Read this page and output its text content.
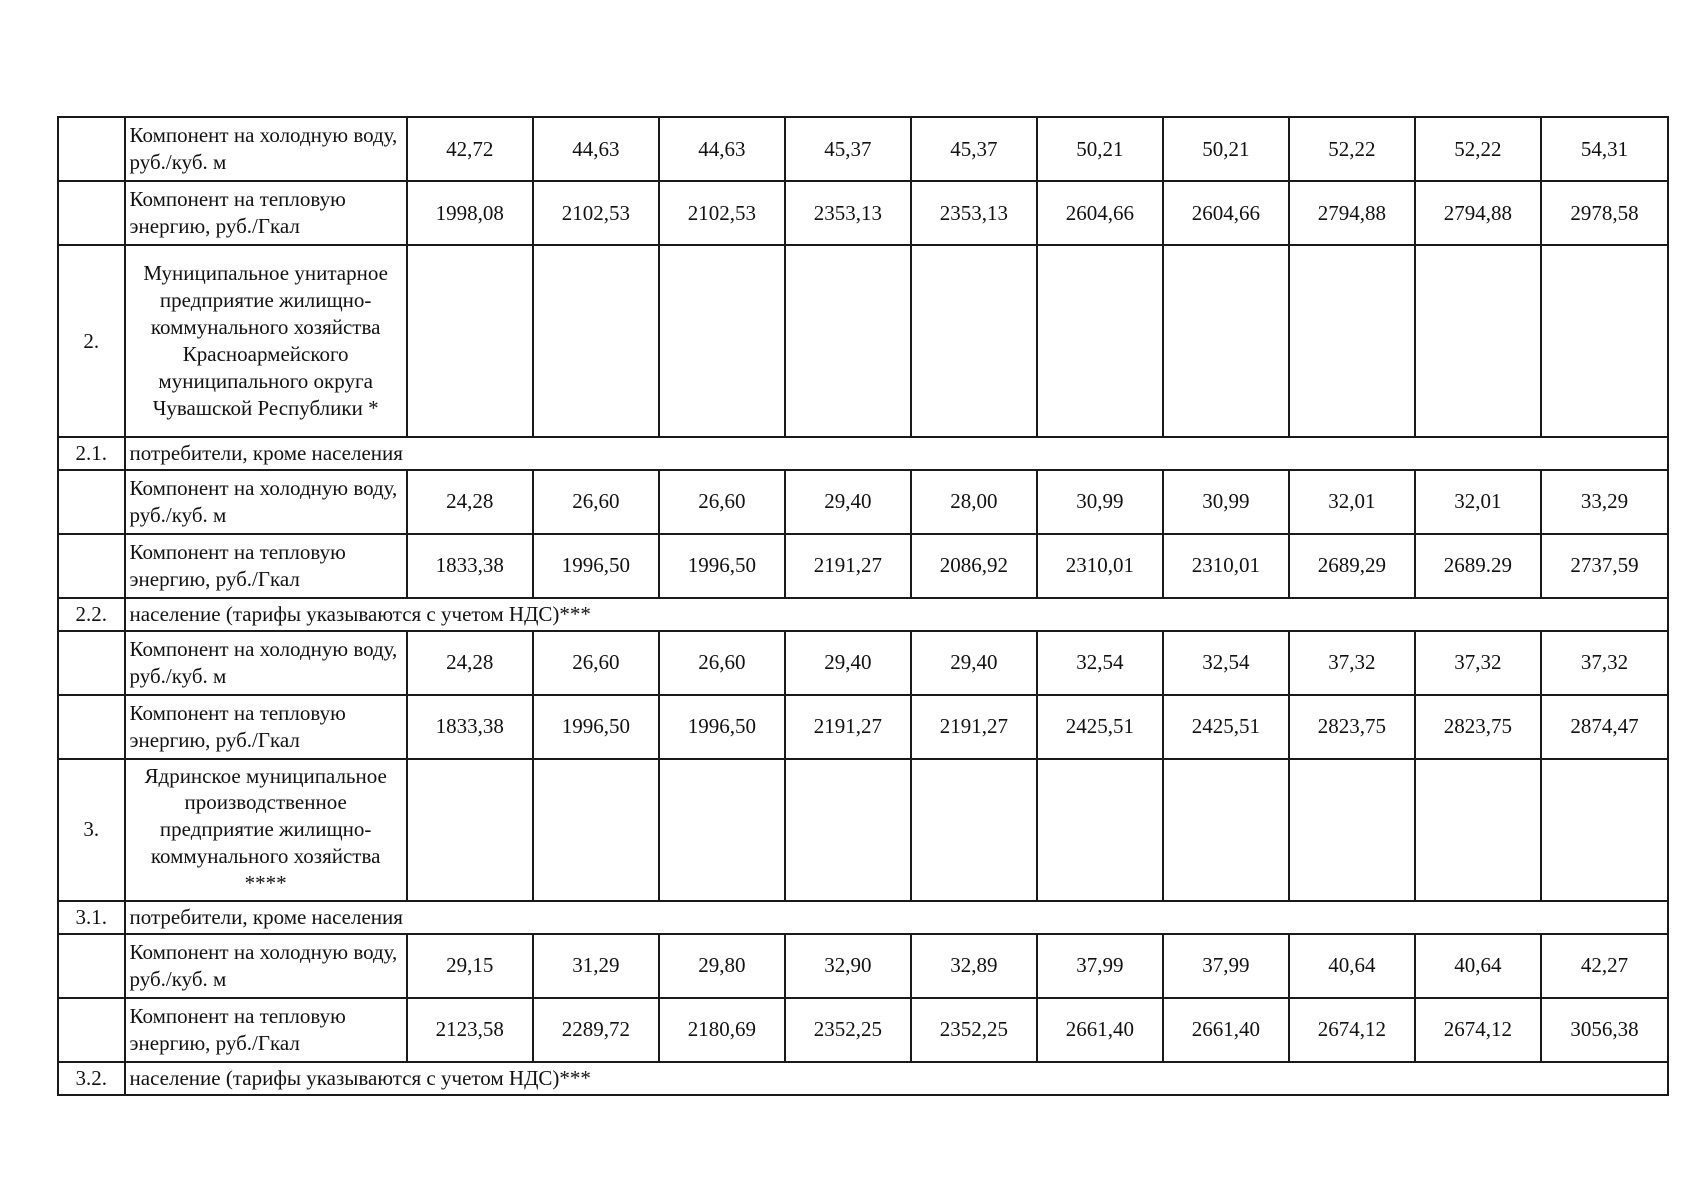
	Компонент на холодную воду, руб./куб. м	42,72	44,63	44,63	45,37	45,37	50,21	50,21	52,22	52,22	54,31
	Компонент на тепловую энергию, руб./Гкал	1998,08	2102,53	2102,53	2353,13	2353,13	2604,66	2604,66	2794,88	2794,88	2978,58
2.	Муниципальное унитарное предприятие жилищно-коммунального хозяйства Красноармейского муниципального округа Чувашской Республики *										
2.1.	потребители, кроме населения										
	Компонент на холодную воду, руб./куб. м	24,28	26,60	26,60	29,40	28,00	30,99	30,99	32,01	32,01	33,29
	Компонент на тепловую энергию, руб./Гкал	1833,38	1996,50	1996,50	2191,27	2086,92	2310,01	2310,01	2689,29	2689.29	2737,59
2.2.	население (тарифы указываются с учетом НДС)***										
	Компонент на холодную воду, руб./куб. м	24,28	26,60	26,60	29,40	29,40	32,54	32,54	37,32	37,32	37,32
	Компонент на тепловую энергию, руб./Гкал	1833,38	1996,50	1996,50	2191,27	2191,27	2425,51	2425,51	2823,75	2823,75	2874,47
3.	Ядринское муниципальное производственное предприятие жилищно-коммунального хозяйства ****										
3.1.	потребители, кроме населения										
	Компонент на холодную воду, руб./куб. м	29,15	31,29	29,80	32,90	32,89	37,99	37,99	40,64	40,64	42,27
	Компонент на тепловую энергию, руб./Гкал	2123,58	2289,72	2180,69	2352,25	2352,25	2661,40	2661,40	2674,12	2674,12	3056,38
3.2.	население (тарифы указываются с учетом НДС)***										
